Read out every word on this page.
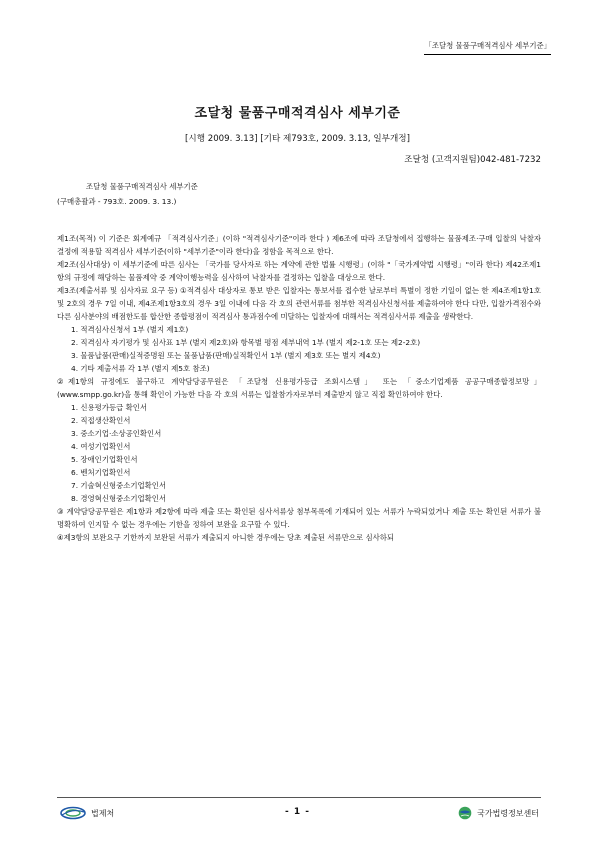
「조달청 물품구매적격심사 세부기준」
조달청 물품구매적격심사 세부기준
[시행 2009. 3.13] [기타 제793호, 2009. 3.13, 일부개정]
조달청 (고객지원팀)042-481-7232
조달청 물품구매적격심사 세부기준
(구매총괄과 - 793호. 2009. 3. 13.)

제1조(목적) 이 기준은 회계예규 「적격심사기준」(이하 "적격심사기준"이라 한다 ) 제6조에 따라 조달청에서 집행하는 물품제조·구매 입찰의 낙찰자 결정에 적용할 적격심사 세부기준(이하 "세부기준"이라 한다)을 정함을 목적으로 한다.

제2조(심사대상) 이 세부기준에 따른 심사는 「국가를 당사자로 하는 계약에 관한 법률 시행령」(이하 "「국가계약법 시행령」"이라 한다) 제42조제1항의 규정에 해당하는 물품제약 중 계약이행능력을 심사하여 낙찰자를 결정하는 입찰을 대상으로 한다.

제3조(제출서류 및 심사자료 요구 등) ①적격심사 대상자로 통보 받은 입찰자는 통보서를 접수한 날로부터 특별이 정한 기일이 없는 한 제4조제1항1호 및 2호의 경우 7일 이내, 제4조제1항3호의 경우 3일 이내에 다음 각 호의 관련서류를 첨부한 적격심사신청서를 제출하여야 한다 다만, 입찰가격점수와 다른 심사분야의 배점한도를 합산한 종합평점이 적격심사 통과점수에 미달하는 입찰자에 대해서는 적격심사서류 제출을 생략한다.

1. 적격심사신청서 1부 (별지 제1호)

2. 직격심사 자기평가 및 심사표 1부 (별지 제2호)와 항목별 평점 세부내역 1부 (별지 제2-1호 또는 제2-2호)

3. 물품납품(판매)실적증명원 또는 물품납품(판매)실적확인서 1부 (별지 제3호 또는 별지 제4호)

4. 기타 제출서류 각 1부 (별지 제5호 참조)

②제1항의 규정에도 불구하고 계약담당공무원은 「조달청 신용평가등급 조회시스템」 또는 「중소기업제품 공공구매종합정보망」(www.smpp.go.kr)을 통해 확인이 가능한 다음 각 호의 서류는 입찰참가자로부터 제출받지 않고 직접 확인하여야 한다.

1. 신용평가등급 확인서

2. 직접생산확인서

3. 중소기업·소상공인확인서

4. 여성기업확인서

5. 장애인기업확인서

6. 벤처기업확인서

7. 기술혁신형중소기업확인서

8. 경영혁신형중소기업확인서

③ 계약담당공무원은 제1항과 제2항에 따라 제출 또는 확인된 심사서류상 첨부목록에 기재되어 있는 서류가 누락되었거나 제출 또는 확인된 서류가 불명확하여 인지할 수 없는 경우에는 기한을 정하여 보완을 요구할 수 있다.

④제3항의 보완요구 기한까지 보완된 서류가 제출되지 아니한 경우에는 당초 제출된 서류만으로 심사하되

법제처	- 1 -	국가법령정보센터
